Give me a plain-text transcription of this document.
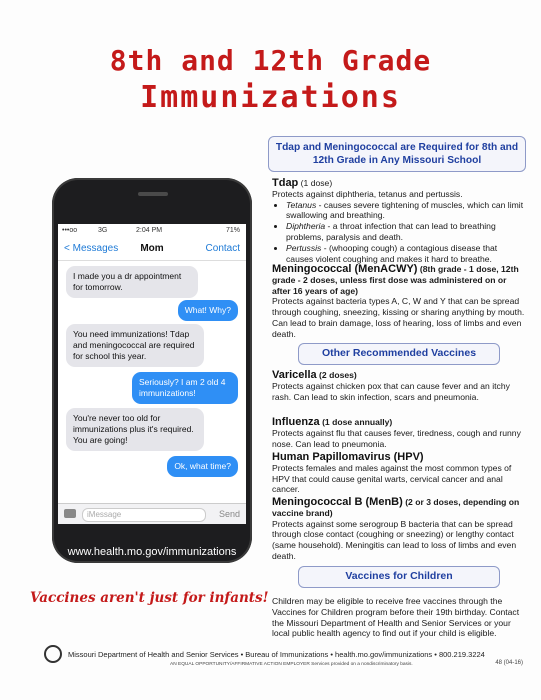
8th and 12th Grade
Immunizations
•••oo	3G	2:04 PM	71%
< Messages	Mom	Contact
I made you a dr appointment for tomorrow.
What! Why?
You need immunizations! Tdap and meningococcal are required for school this year.
Seriously? I am 2 old 4 immunizations!
You're never too old for immunizations plus it's required. You are going!
Ok, what time?
iMessage	Send
www.health.mo.gov/immunizations
Vaccines aren't just for infants!
Tdap and Meningococcal are Required for 8th and 12th Grade in Any Missouri School

Tdap (1 dose)

Protects against diphtheria, tetanus and pertussis.

• Tetanus - causes severe tightening of muscles, which can limit swallowing and breathing.
• Diphtheria - a throat infection that can lead to breathing problems, paralysis and death.
• Pertussis - (whooping cough) a contagious disease that causes violent coughing and makes it hard to breathe.

Meningococcal (MenACWY) (8th grade - 1 dose, 12th grade - 2 doses, unless first dose was administered on or after 16 years of age)

Protects against bacteria types A, C, W and Y that can be spread through coughing, sneezing, kissing or sharing anything by mouth. Can lead to brain damage, loss of hearing, loss of limbs and even death.

Other Recommended Vaccines

Varicella (2 doses)

Protects against chicken pox that can cause fever and an itchy rash. Can lead to skin infection, scars and pneumonia.

Influenza (1 dose annually)

Protects against flu that causes fever, tiredness, cough and runny nose. Can lead to pneumonia.

Human Papillomavirus (HPV)

Protects females and males against the most common types of HPV that could cause genital warts, cervical cancer and anal cancer.

Meningococcal B (MenB) (2 or 3 doses, depending on vaccine brand)

Protects against some serogroup B bacteria that can be spread through close contact (coughing or sneezing) or lengthy contact (same household). Meningitis can lead to loss of limbs and even death.

Vaccines for Children

Children may be eligible to receive free vaccines through the Vaccines for Children program before their 19th birthday. Contact the Missouri Department of Health and Senior Services or your local public health agency to find out if your child is eligible.

Missouri Department of Health and Senior Services • Bureau of Immunizations • health.mo.gov/immunizations • 800.219.3224
AN EQUAL OPPORTUNITY/AFFIRMATIVE ACTION EMPLOYER Services provided on a nondiscriminatory basis.	48 (04-16)
